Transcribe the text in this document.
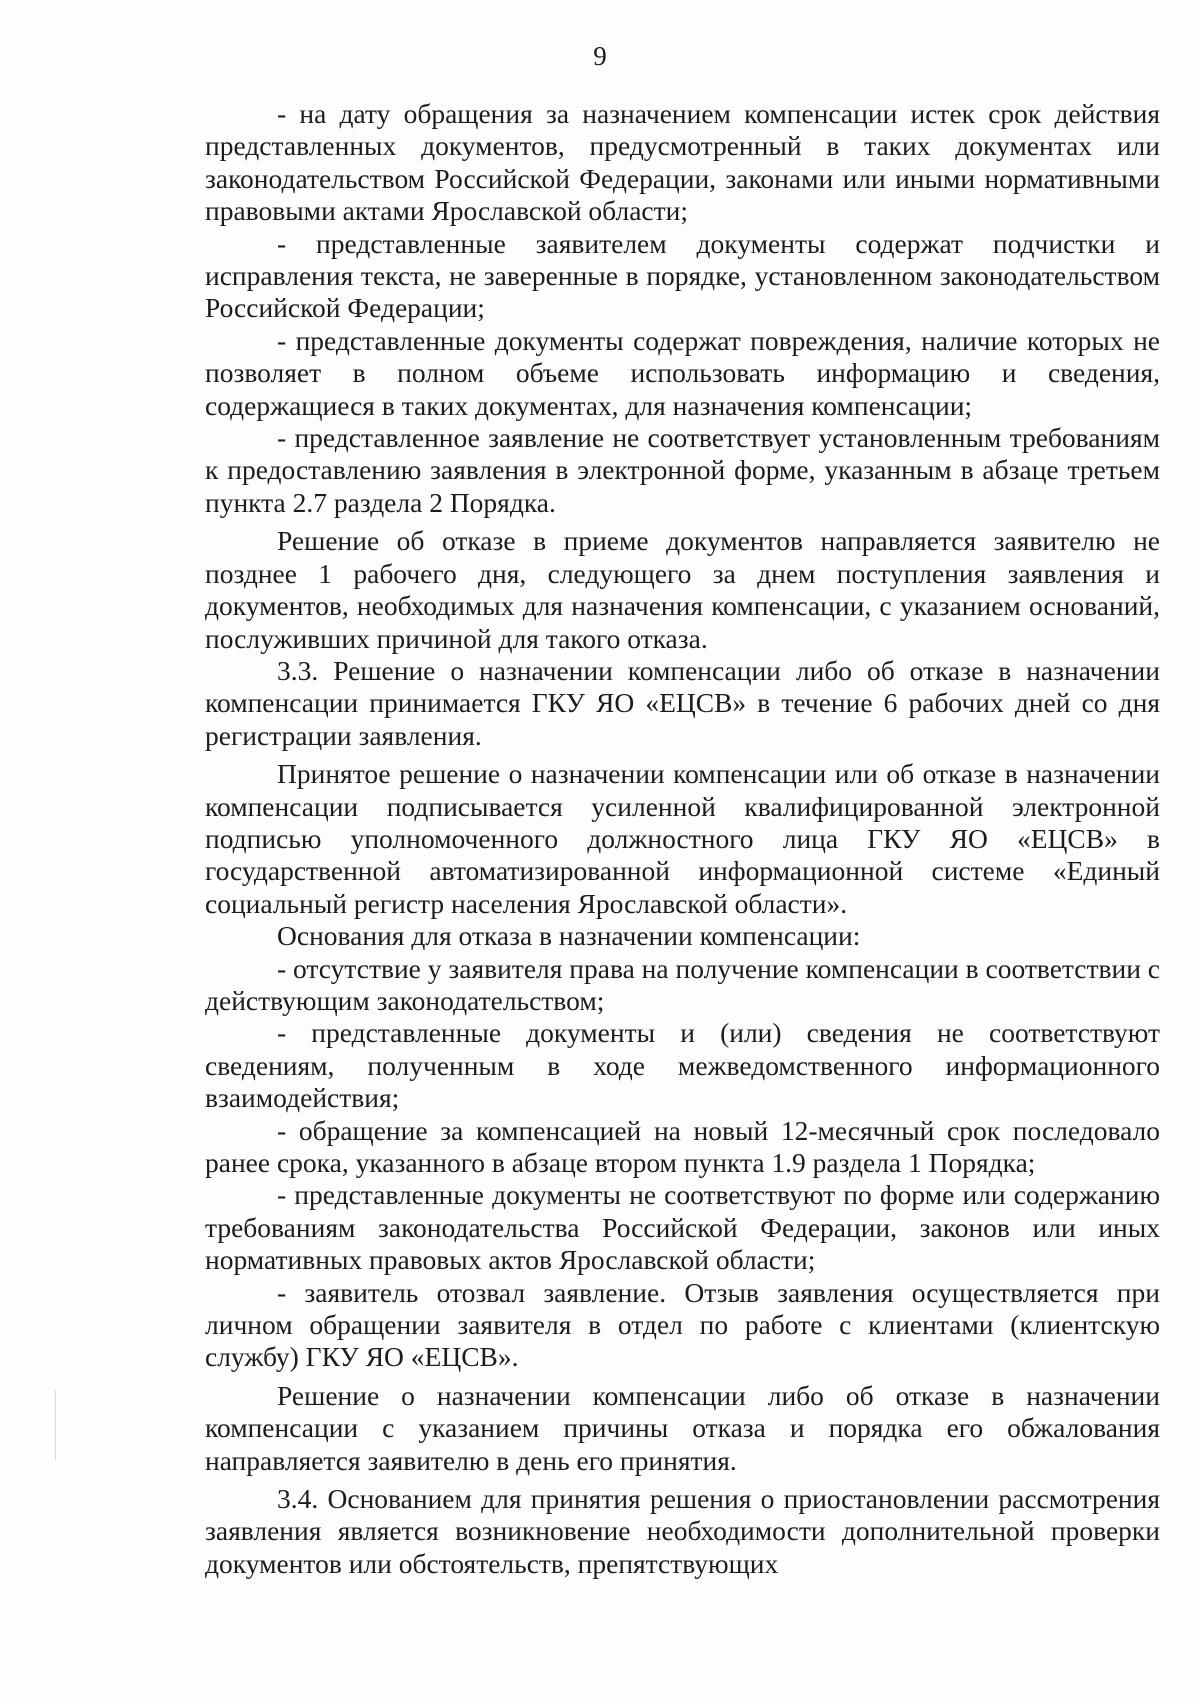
9

- на дату обращения за назначением компенсации истек срок действия представленных документов, предусмотренный в таких документах или законодательством Российской Федерации, законами или иными нормативными правовыми актами Ярославской области;

- представленные заявителем документы содержат подчистки и исправления текста, не заверенные в порядке, установленном законодательством Российской Федерации;

- представленные документы содержат повреждения, наличие которых не позволяет в полном объеме использовать информацию и сведения, содержащиеся в таких документах, для назначения компенсации;

- представленное заявление не соответствует установленным требованиям к предоставлению заявления в электронной форме, указанным в абзаце третьем пункта 2.7 раздела 2 Порядка.

Решение об отказе в приеме документов направляется заявителю не позднее 1 рабочего дня, следующего за днем поступления заявления и документов, необходимых для назначения компенсации, с указанием оснований, послуживших причиной для такого отказа.

3.3. Решение о назначении компенсации либо об отказе в назначении компенсации принимается ГКУ ЯО «ЕЦСВ» в течение 6 рабочих дней со дня регистрации заявления.

Принятое решение о назначении компенсации или об отказе в назначении компенсации подписывается усиленной квалифицированной электронной подписью уполномоченного должностного лица ГКУ ЯО «ЕЦСВ» в государственной автоматизированной информационной системе «Единый социальный регистр населения Ярославской области».

Основания для отказа в назначении компенсации:

- отсутствие у заявителя права на получение компенсации в соответствии с действующим законодательством;

- представленные документы и (или) сведения не соответствуют сведениям, полученным в ходе межведомственного информационного взаимодействия;

- обращение за компенсацией на новый 12-месячный срок последовало ранее срока, указанного в абзаце втором пункта 1.9 раздела 1 Порядка;

- представленные документы не соответствуют по форме или содержанию требованиям законодательства Российской Федерации, законов или иных нормативных правовых актов Ярославской области;

- заявитель отозвал заявление. Отзыв заявления осуществляется при личном обращении заявителя в отдел по работе с клиентами (клиентскую службу) ГКУ ЯО «ЕЦСВ».

Решение о назначении компенсации либо об отказе в назначении компенсации с указанием причины отказа и порядка его обжалования направляется заявителю в день его принятия.

3.4. Основанием для принятия решения о приостановлении рассмотрения заявления является возникновение необходимости дополнительной проверки документов или обстоятельств, препятствующих
